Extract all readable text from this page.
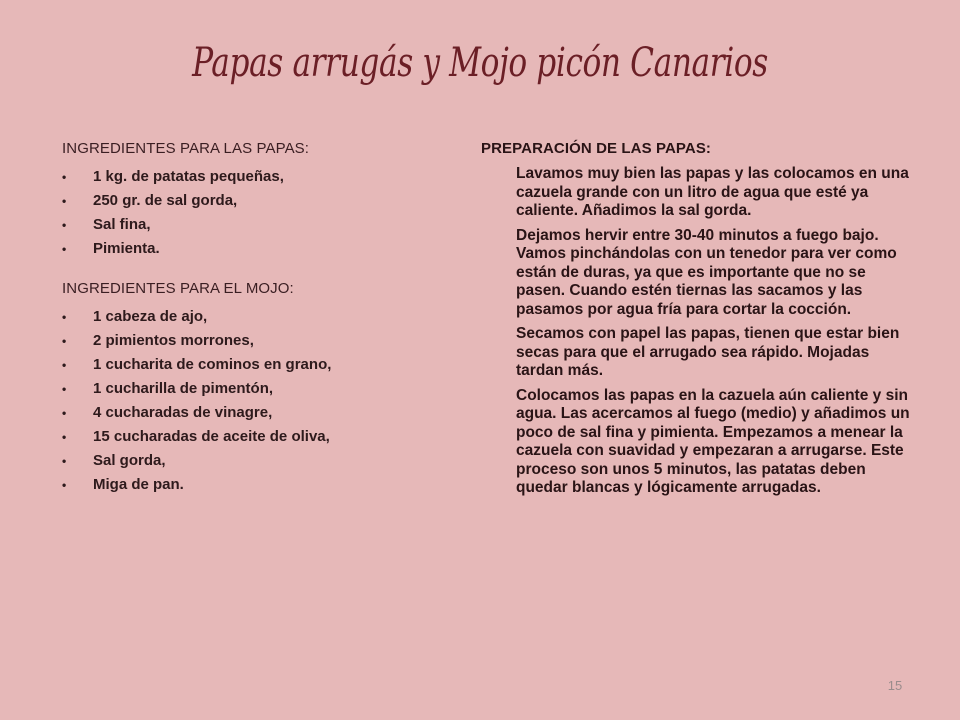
Papas arrugás y Mojo picón Canarios
INGREDIENTES PARA LAS PAPAS:
• 1 kg. de patatas pequeñas,
• 250 gr. de sal gorda,
• Sal fina,
• Pimienta.
INGREDIENTES PARA EL MOJO:
• 1 cabeza de ajo,
• 2 pimientos morrones,
• 1 cucharita de cominos en grano,
• 1 cucharilla de pimentón,
• 4 cucharadas de vinagre,
• 15 cucharadas de aceite de oliva,
• Sal gorda,
• Miga de pan.
PREPARACIÓN DE LAS PAPAS:

Lavamos muy bien las papas y las colocamos en una cazuela grande con un litro de agua que esté ya caliente. Añadimos la sal gorda.

Dejamos hervir entre 30-40 minutos a fuego bajo. Vamos pinchándolas con un tenedor para ver como están de duras, ya que es importante que no se pasen. Cuando estén tiernas las sacamos y las pasamos por agua fría para cortar la cocción.

Secamos con papel las papas, tienen que estar bien secas para que el arrugado sea rápido. Mojadas tardan más.

Colocamos las papas en la cazuela aún caliente y sin agua. Las acercamos al fuego (medio) y añadimos un poco de sal fina y pimienta. Empezamos a menear la cazuela con suavidad y empezaran a arrugarse. Este proceso son unos 5 minutos, las patatas deben quedar blancas y lógicamente arrugadas.

15
